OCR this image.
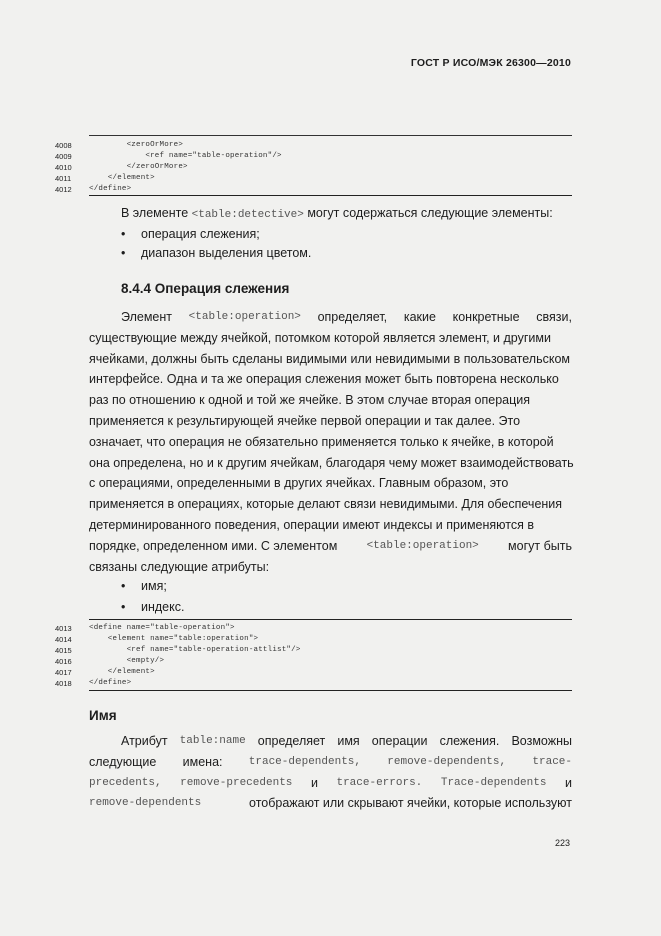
ГОСТ Р ИСО/МЭК 26300—2010
4008	<zeroOrMore>
4009	<ref name="table-operation"/>
4010	</zeroOrMore>
4011	</element>
4012	</define>
В элементе <table:detective> могут содержаться следующие элементы:
• операция слежения;
• диапазон выделения цветом.
8.4.4 Операция слежения
Элемент <table:operation> определяет, какие конкретные связи,
существующие между ячейкой, потомком которой является элемент, и другими
ячейками, должны быть сделаны видимыми или невидимыми в пользовательском
интерфейсе. Одна и та же операция слежения может быть повторена несколько
раз по отношению к одной и той же ячейке. В этом случае вторая операция
применяется к результирующей ячейке первой операции и так далее. Это
означает, что операция не обязательно применяется только к ячейке, в которой
она определена, но и к другим ячейкам, благодаря чему может взаимодействовать
с операциями, определенными в других ячейках. Главным образом, это
применяется в операциях, которые делают связи невидимыми. Для обеспечения
детерминированного поведения, операции имеют индексы и применяются в
порядке, определенном ими. С элементом	<table:operation> могут быть
связаны следующие атрибуты:
• имя;
• индекс.
4013	<define name="table-operation">
4014	<element name="table:operation">
4015	<ref name="table-operation-attlist"/>
4016	<empty/>
4017	</element>
4018	</define>
Имя
Атрибут table:name определяет имя операции слежения. Возможны
следующие имена: trace-dependents, remove-dependents, trace-
precedents, remove-precedents и trace-errors. Trace-dependents и
remove-dependents	отображают или скрывают ячейки, которые используют
223
